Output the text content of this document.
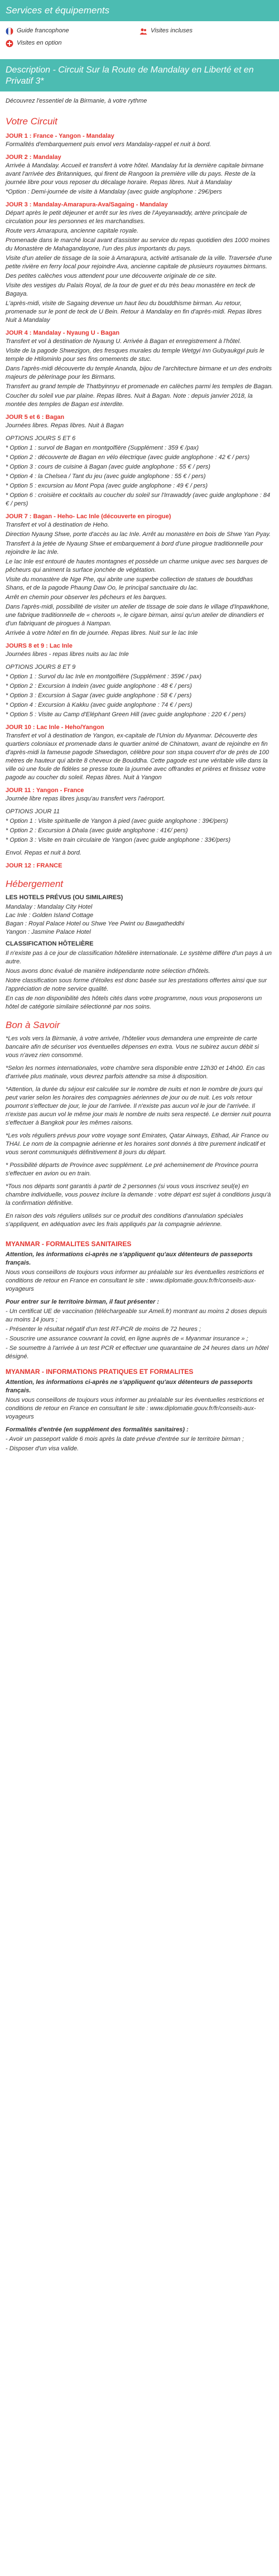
Services et équipements
Guide francophone	Visites incluses
Visites en option
Description - Circuit Sur la Route de Mandalay en Liberté et en Privatif 3*
Découvrez l'essentiel de la Birmanie, à votre rythme
Votre Circuit
JOUR 1 : France - Yangon - Mandalay
Formalités d'embarquement puis envol vers Mandalay-rappel et nuit à bord.
JOUR 2 : Mandalay
Arrivée à Mandalay. Accueil et transfert à votre hôtel. Mandalay fut la dernière capitale birmane avant l'arrivée des Britanniques, qui firent de Rangoon la première ville du pays. Reste de la journée libre pour vous reposer du décalage horaire. Repas libres. Nuit à Mandalay
*Option : Demi-journée de visite à Mandalay (avec guide anglophone : 29€/pers
JOUR 3 : Mandalay-Amarapura-Ava/Sagaing - Mandalay
Départ après le petit déjeuner et arrêt sur les rives de l'Ayeyarwaddy, artère principale de circulation pour les personnes et les marchandises.
Route vers Amarapura, ancienne capitale royale.
Promenade dans le marché local avant d'assister au service du repas quotidien des 1000 moines du Monastère de Mahagandayone, l'un des plus importants du pays.
Visite d'un atelier de tissage de la soie à Amarapura, activité artisanale de la ville. Traversée d'une petite rivière en ferry local pour rejoindre Ava, ancienne capitale de plusieurs royaumes birmans.
Des petites calèches vous attendent pour une découverte originale de ce site.
Visite des vestiges du Palais Royal, de la tour de guet et du très beau monastère en teck de Bagaya.
L'après-midi, visite de Sagaing devenue un haut lieu du bouddhisme birman. Au retour, promenade sur le pont de teck de U Bein. Retour à Mandalay en fin d'après-midi. Repas libres Nuit à Mandalay
JOUR 4 : Mandalay - Nyaung U - Bagan
Transfert et vol à destination de Nyaung U. Arrivée à Bagan et enregistrement à l'hôtel.
Visite de la pagode Shwezigon, des fresques murales du temple Wetgyi Inn Gubyaukgyi puis le temple de Htilominlo pour ses fins ornements de stuc.
Dans l'après-midi découverte du temple Ananda, bijou de l'architecture birmane et un des endroits majeurs de pèlerinage pour les Birmans.
Transfert au grand temple de Thatbyinnyu et promenade en calèches parmi les temples de Bagan.
Coucher du soleil vue par plaine. Repas libres. Nuit à Bagan. Note : depuis janvier 2018, la montée des temples de Bagan est interdite.
JOUR 5 et 6 : Bagan
Journées libres. Repas libres. Nuit à Bagan
OPTIONS JOURS 5 ET 6
* Option 1 : survol de Bagan en montgolfière (Supplément : 359 € /pax)
* Option 2 : découverte de Bagan en vélo électrique (avec guide anglophone : 42 € / pers)
* Option 3 : cours de cuisine à Bagan (avec guide anglophone : 55 € / pers)
* Option 4 : la Chelsea / Tant du jeu (avec guide anglophone : 55 € / pers)
* Option 5 : excursion au Mont Popa (avec guide anglophone : 49 € / pers)
* Option 6 : croisière et cocktails au coucher du soleil sur l'Irrawaddy (avec guide anglophone : 84 € / pers)
JOUR 7 : Bagan - Heho- Lac Inle (découverte en pirogue)
Transfert et vol à destination de Heho.
Direction Nyaung Shwe, porte d'accès au lac Inle. Arrêt au monastère en bois de Shwe Yan Pyay.
Transfert à la jetée de Nyaung Shwe et embarquement à bord d'une pirogue traditionnelle pour rejoindre le lac Inle.
Le lac Inle est entouré de hautes montagnes et possède un charme unique avec ses barques de pêcheurs qui animent la surface jonchée de végétation.
Visite du monastère de Nge Phe, qui abrite une superbe collection de statues de bouddhas Shans, et de la pagode Phaung Daw Oo, le principal sanctuaire du lac.
Arrêt en chemin pour observer les pêcheurs et les barques.
Dans l'après-midi, possibilité de visiter un atelier de tissage de soie dans le village d'Inpawkhone, une fabrique traditionnelle de « cheroots », le cigare birman, ainsi qu'un atelier de dinandiers et d'un fabriquant de pirogues à Nampan.
Arrivée à votre hôtel en fin de journée. Repas libres. Nuit sur le lac Inle
JOURS 8 et 9 : Lac Inle
Journées libres - repas libres nuits au lac Inle
OPTIONS JOURS 8 ET 9
* Option 1 : Survol du lac Inle en montgolfière (Supplément : 359€ / pax)
* Option 2 : Excursion à Indein (avec guide anglophone : 48 € / pers)
* Option 3 : Excursion à Sagar (avec guide anglophone : 58 € / pers)
* Option 4 : Excursion à Kakku (avec guide anglophone : 74 € / pers)
* Option 5 : Visite au Camp d'Eléphant Green Hill (avec guide anglophone : 220 € / pers)
JOUR 10 : Lac Inle - Heho/Yangon
Transfert et vol à destination de Yangon, ex-capitale de l'Union du Myanmar. Découverte des quartiers coloniaux et promenade dans le quartier animé de Chinatown, avant de rejoindre en fin d'après-midi la fameuse pagode Shwedagon, célèbre pour son stupa couvert d'or de près de 100 mètres de hauteur qui abrite 8 cheveux de Bouddha. Cette pagode est une véritable ville dans la ville où une foule de fidèles se presse toute la journée avec offrandes et prières et finissez votre pagode au coucher du soleil. Repas libres. Nuit à Yangon
JOUR 11 : Yangon - France
Journée libre repas libres jusqu'au transfert vers l'aéroport.
OPTIONS JOUR 11
* Option 1 : Visite spirituelle de Yangon à pied (avec guide anglophone : 39€/pers)
* Option 2 : Excursion à Dhala (avec guide anglophone : 41€/ pers)
* Option 3 : Visite en train circulaire de Yangon (avec guide anglophone : 33€/pers)
Envol. Repas et nuit à bord.
JOUR 12 : FRANCE
Hébergement
LES HOTELS PRÉVUS (OU SIMILAIRES)
Mandalay : Mandalay City Hotel
Lac Inle : Golden Island Cottage
Bagan : Royal Palace Hotel ou Shwe Yee Pwint ou Bawgatheddhi
Yangon : Jasmine Palace Hotel
CLASSIFICATION HÔTELIÈRE
Il n'existe pas à ce jour de classification hôtelière internationale. Le système diffère d'un pays à un autre.
Nous avons donc évalué de manière indépendante notre sélection d'hôtels.
Notre classification sous forme d'étoiles est donc basée sur les prestations offertes ainsi que sur l'appréciation de notre service qualité.
En cas de non disponibilité des hôtels cités dans votre programme, nous vous proposerons un hôtel de catégorie similaire sélectionné par nos soins.
Bon à Savoir
*Les vols vers la Birmanie, à votre arrivée, l'hôtelier vous demandera une empreinte de carte bancaire afin de sécuriser vos éventuelles dépenses en extra. Vous ne subirez aucun débit si vous n'avez rien consommé.
*Selon les normes internationales, votre chambre sera disponible entre 12h30 et 14h00. En cas d'arrivée plus matinale, vous devrez parfois attendre sa mise à disposition.
*Attention, la durée du séjour est calculée sur le nombre de nuits et non le nombre de jours qui peut varier selon les horaires des compagnies aériennes de jour ou de nuit. Les vols retour pourront s'effectuer de jour, le jour de l'arrivée. Il n'existe pas aucun vol le jour de l'arrivée. Il n'existe pas aucun vol le même jour mais le nombre de nuits sera respecté. Le dernier nuit pourra s'effectuer à Bangkok pour les mêmes raisons.
*Les vols réguliers prévus pour votre voyage sont Emirates, Qatar Airways, Etihad, Air France ou THAI. Le nom de la compagnie aérienne et les horaires sont donnés à titre purement indicatif et vous seront communiqués définitivement 8 jours du départ.
* Possibilité départs de Province avec supplément. Le pré acheminement de Province pourra s'effectuer en avion ou en train.
*Tous nos départs sont garantis à partir de 2 personnes (si vous vous inscrivez seul(e) en chambre individuelle, vous pouvez inclure la demande : votre départ est sujet à conditions jusqu'à la confirmation définitive.
En raison des vols réguliers utilisés sur ce produit des conditions d'annulation spéciales s'appliquent, en adéquation avec les frais appliqués par la compagnie aérienne.
MYANMAR - FORMALITES SANITAIRES
Attention, les informations ci-après ne s'appliquent qu'aux détenteurs de passeports français.
Nous vous conseillons de toujours vous informer au préalable sur les éventuelles restrictions et conditions de retour en France en consultant le site : www.diplomatie.gouv.fr/fr/conseils-aux-voyageurs
Pour entrer sur le territoire birman, il faut présenter :
- Un certificat UE de vaccination (téléchargeable sur Ameli.fr) montrant au moins 2 doses depuis au moins 14 jours ;
- Présenter le résultat négatif d'un test RT-PCR de moins de 72 heures ;
- Souscrire une assurance couvrant la covid, en ligne auprès de « Myanmar insurance » ;
- Se soumettre à l'arrivée à un test PCR et effectuer une quarantaine de 24 heures dans un hôtel désigné.
MYANMAR - INFORMATIONS PRATIQUES ET FORMALITES
Attention, les informations ci-après ne s'appliquent qu'aux détenteurs de passeports français.
Nous vous conseillons de toujours vous informer au préalable sur les éventuelles restrictions et conditions de retour en France en consultant le site : www.diplomatie.gouv.fr/fr/conseils-aux-voyageurs
Formalités d'entrée (en supplément des formalités sanitaires) :
- Avoir un passeport valide 6 mois après la date prévue d'entrée sur le territoire birman ;
- Disposer d'un visa valide.
